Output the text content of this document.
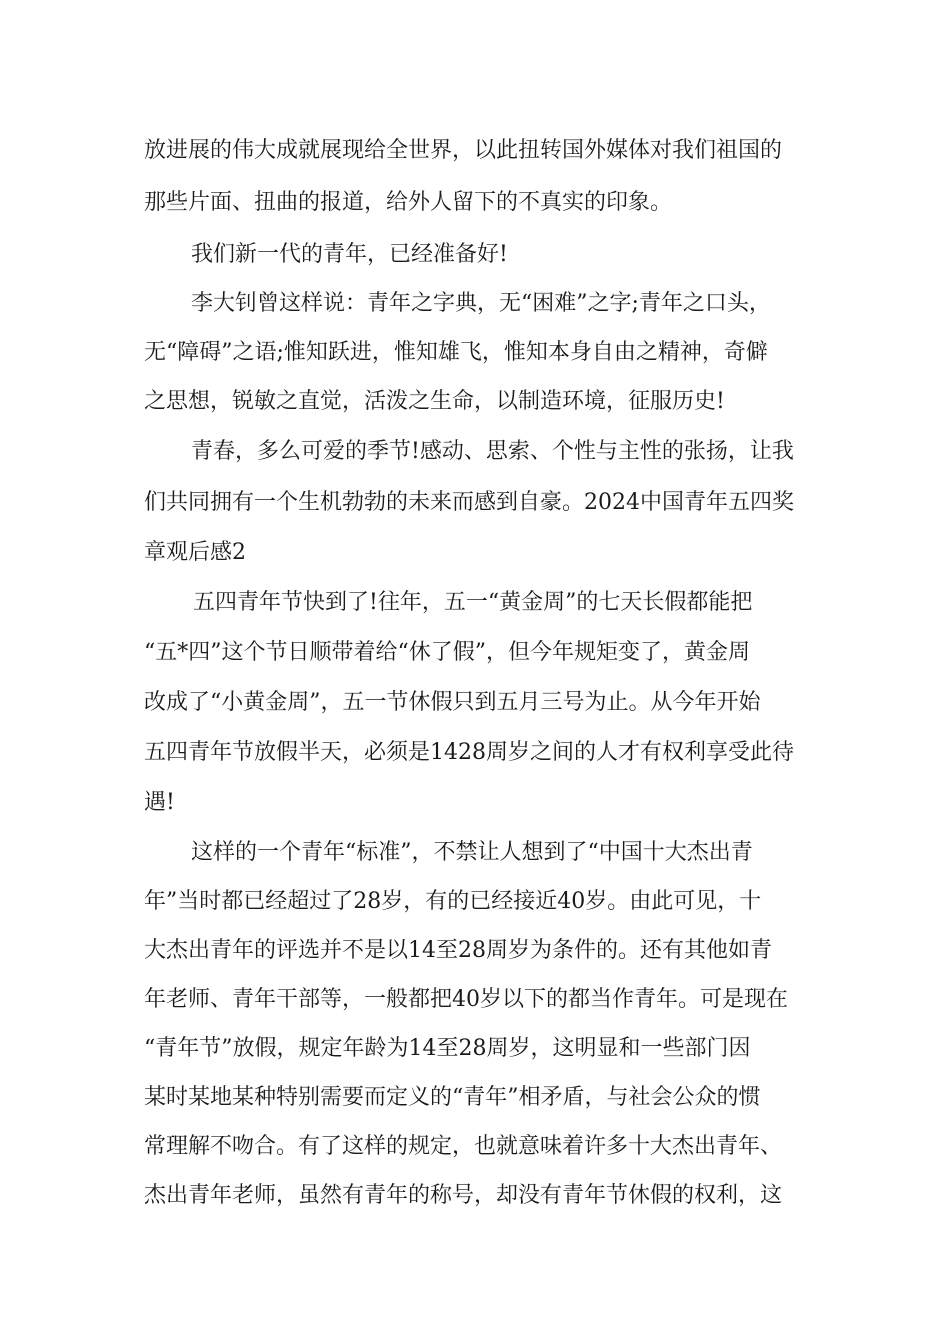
放进展的伟大成就展现给全世界，以此扭转国外媒体对我们祖国的
那些片面、扭曲的报道，给外人留下的不真实的印象。
我们新一代的青年，已经准备好!
李大钊曾这样说：青年之字典，无“困难”之字;青年之口头，
无“障碍”之语;惟知跃进，惟知雄飞，惟知本身自由之精神，奇僻
之思想，锐敏之直觉，活泼之生命，以制造环境，征服历史!
青春，多么可爱的季节!感动、思索、个性与主性的张扬，让我
们共同拥有一个生机勃勃的未来而感到自豪。2024中国青年五四奖
章观后感2
五四青年节快到了!往年，五一“黄金周”的七天长假都能把
“五*四”这个节日顺带着给“休了假”，但今年规矩变了，黄金周
改成了“小黄金周”，五一节休假只到五月三号为止。从今年开始
五四青年节放假半天，必须是1428周岁之间的人才有权利享受此待
遇!
这样的一个青年“标准”，不禁让人想到了“中国十大杰出青
年”当时都已经超过了28岁，有的已经接近40岁。由此可见，十
大杰出青年的评选并不是以14至28周岁为条件的。还有其他如青
年老师、青年干部等，一般都把40岁以下的都当作青年。可是现在
“青年节”放假，规定年龄为14至28周岁，这明显和一些部门因
某时某地某种特别需要而定义的“青年”相矛盾，与社会公众的惯
常理解不吻合。有了这样的规定，也就意味着许多十大杰出青年、
杰出青年老师，虽然有青年的称号，却没有青年节休假的权利，这
